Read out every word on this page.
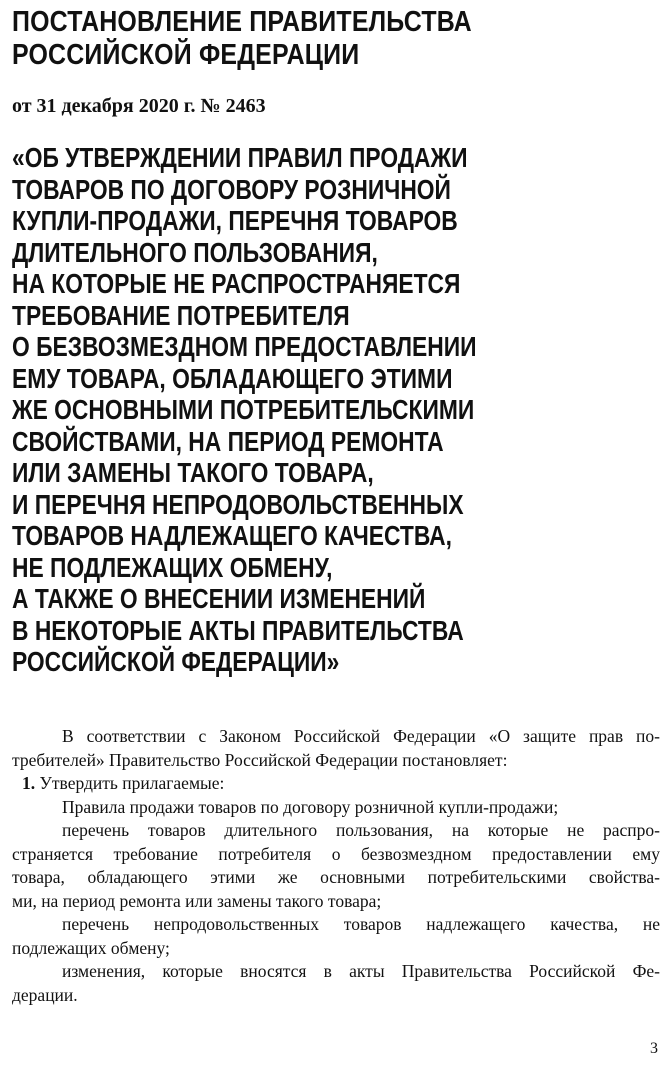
ПОСТАНОВЛЕНИЕ ПРАВИТЕЛЬСТВА
РОССИЙСКОЙ ФЕДЕРАЦИИ
от 31 декабря 2020 г. № 2463
«ОБ УТВЕРЖДЕНИИ ПРАВИЛ ПРОДАЖИ
ТОВАРОВ ПО ДОГОВОРУ РОЗНИЧНОЙ
КУПЛИ-ПРОДАЖИ, ПЕРЕЧНЯ ТОВАРОВ
ДЛИТЕЛЬНОГО ПОЛЬЗОВАНИЯ,
НА КОТОРЫЕ НЕ РАСПРОСТРАНЯЕТСЯ
ТРЕБОВАНИЕ ПОТРЕБИТЕЛЯ
О БЕЗВОЗМЕЗДНОМ ПРЕДОСТАВЛЕНИИ
ЕМУ ТОВАРА, ОБЛАДАЮЩЕГО ЭТИМИ
ЖЕ ОСНОВНЫМИ ПОТРЕБИТЕЛЬСКИМИ
СВОЙСТВАМИ, НА ПЕРИОД РЕМОНТА
ИЛИ ЗАМЕНЫ ТАКОГО ТОВАРА,
И ПЕРЕЧНЯ НЕПРОДОВОЛЬСТВЕННЫХ
ТОВАРОВ НАДЛЕЖАЩЕГО КАЧЕСТВА,
НЕ ПОДЛЕЖАЩИХ ОБМЕНУ,
А ТАКЖЕ О ВНЕСЕНИИ ИЗМЕНЕНИЙ
В НЕКОТОРЫЕ АКТЫ ПРАВИТЕЛЬСТВА
РОССИЙСКОЙ ФЕДЕРАЦИИ»
В соответствии с Законом Российской Федерации «О защите прав по-
требителей» Правительство Российской Федерации постановляет:
1. Утвердить прилагаемые:
Правила продажи товаров по договору розничной купли-продажи;
перечень товаров длительного пользования, на которые не распро-
страняется требование потребителя о безвозмездном предоставлении ему
товара, обладающего этими же основными потребительскими свойства-
ми, на период ремонта или замены такого товара;
перечень непродовольственных товаров надлежащего качества, не
подлежащих обмену;
изменения, которые вносятся в акты Правительства Российской Фе-
дерации.
3
